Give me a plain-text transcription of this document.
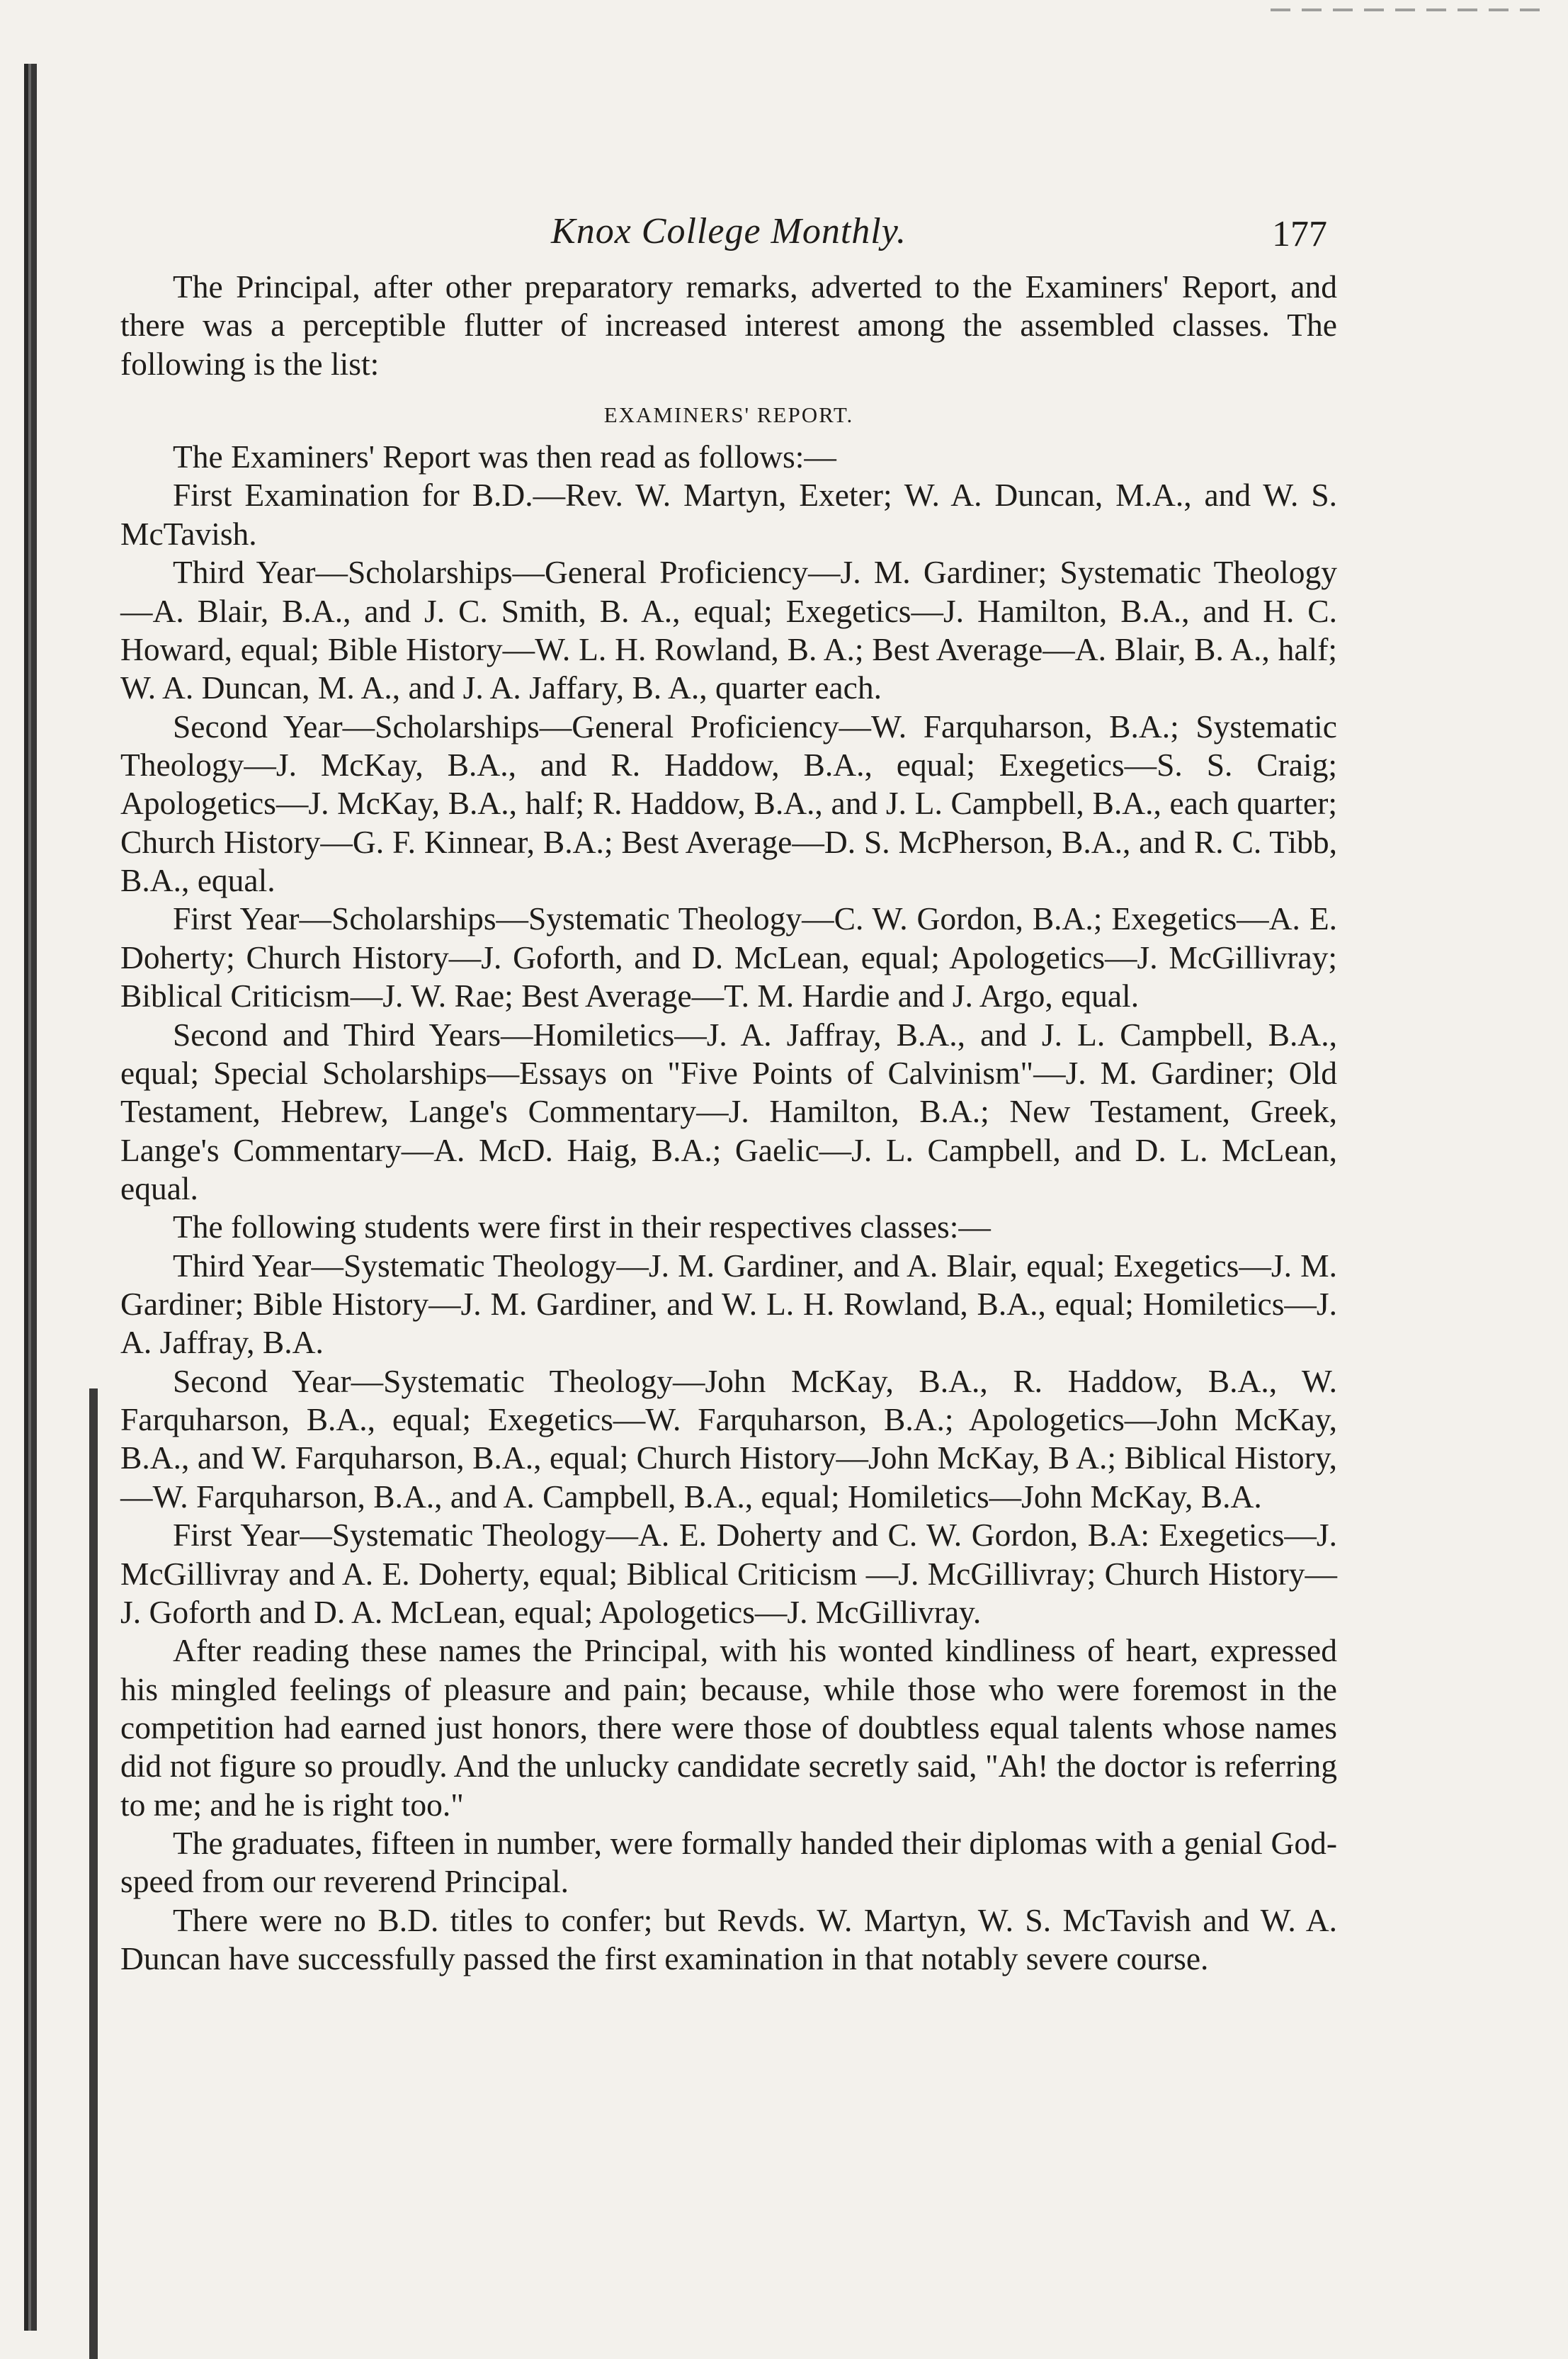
Knox College Monthly.	177

The Principal, after other preparatory remarks, adverted to the Examiners' Report, and there was a perceptible flutter of increased interest among the assembled classes. The following is the list:

EXAMINERS' REPORT.

The Examiners' Report was then read as follows:—

First Examination for B.D.—Rev. W. Martyn, Exeter; W. A. Duncan, M.A., and W. S. McTavish.

Third Year—Scholarships—General Proficiency—J. M. Gardiner; Systematic Theology—A. Blair, B.A., and J. C. Smith, B. A., equal; Exegetics—J. Hamilton, B.A., and H. C. Howard, equal; Bible History—W. L. H. Rowland, B. A.; Best Average—A. Blair, B. A., half; W. A. Duncan, M. A., and J. A. Jaffary, B. A., quarter each.

Second Year—Scholarships—General Proficiency—W. Farquharson, B.A.; Systematic Theology—J. McKay, B.A., and R. Haddow, B.A., equal; Exegetics—S. S. Craig; Apologetics—J. McKay, B.A., half; R. Haddow, B.A., and J. L. Campbell, B.A., each quarter; Church History—G. F. Kinnear, B.A.; Best Average—D. S. McPherson, B.A., and R. C. Tibb, B.A., equal.

First Year—Scholarships—Systematic Theology—C. W. Gordon, B.A.; Exegetics—A. E. Doherty; Church History—J. Goforth, and D. McLean, equal; Apologetics—J. McGillivray; Biblical Criticism—J. W. Rae; Best Average—T. M. Hardie and J. Argo, equal.

Second and Third Years—Homiletics—J. A. Jaffray, B.A., and J. L. Campbell, B.A., equal; Special Scholarships—Essays on "Five Points of Calvinism"—J. M. Gardiner; Old Testament, Hebrew, Lange's Commentary—J. Hamilton, B.A.; New Testament, Greek, Lange's Commentary—A. McD. Haig, B.A.; Gaelic—J. L. Campbell, and D. L. McLean, equal.

The following students were first in their respectives classes:—

Third Year—Systematic Theology—J. M. Gardiner, and A. Blair, equal; Exegetics—J. M. Gardiner; Bible History—J. M. Gardiner, and W. L. H. Rowland, B.A., equal; Homiletics—J. A. Jaffray, B.A.

Second Year—Systematic Theology—John McKay, B.A., R. Haddow, B.A., W. Farquharson, B.A., equal; Exegetics—W. Farquharson, B.A.; Apologetics—John McKay, B.A., and W. Farquharson, B.A., equal; Church History—John McKay, B A.; Biblical History,—W. Farquharson, B.A., and A. Campbell, B.A., equal; Homiletics—John McKay, B.A.

First Year—Systematic Theology—A. E. Doherty and C. W. Gordon, B.A: Exegetics—J. McGillivray and A. E. Doherty, equal; Biblical Criticism —J. McGillivray; Church History—J. Goforth and D. A. McLean, equal; Apologetics—J. McGillivray.

After reading these names the Principal, with his wonted kindliness of heart, expressed his mingled feelings of pleasure and pain; because, while those who were foremost in the competition had earned just honors, there were those of doubtless equal talents whose names did not figure so proudly. And the unlucky candidate secretly said, "Ah! the doctor is referring to me; and he is right too."

The graduates, fifteen in number, were formally handed their diplomas with a genial God-speed from our reverend Principal.

There were no B.D. titles to confer; but Revds. W. Martyn, W. S. McTavish and W. A. Duncan have successfully passed the first examination in that notably severe course.
